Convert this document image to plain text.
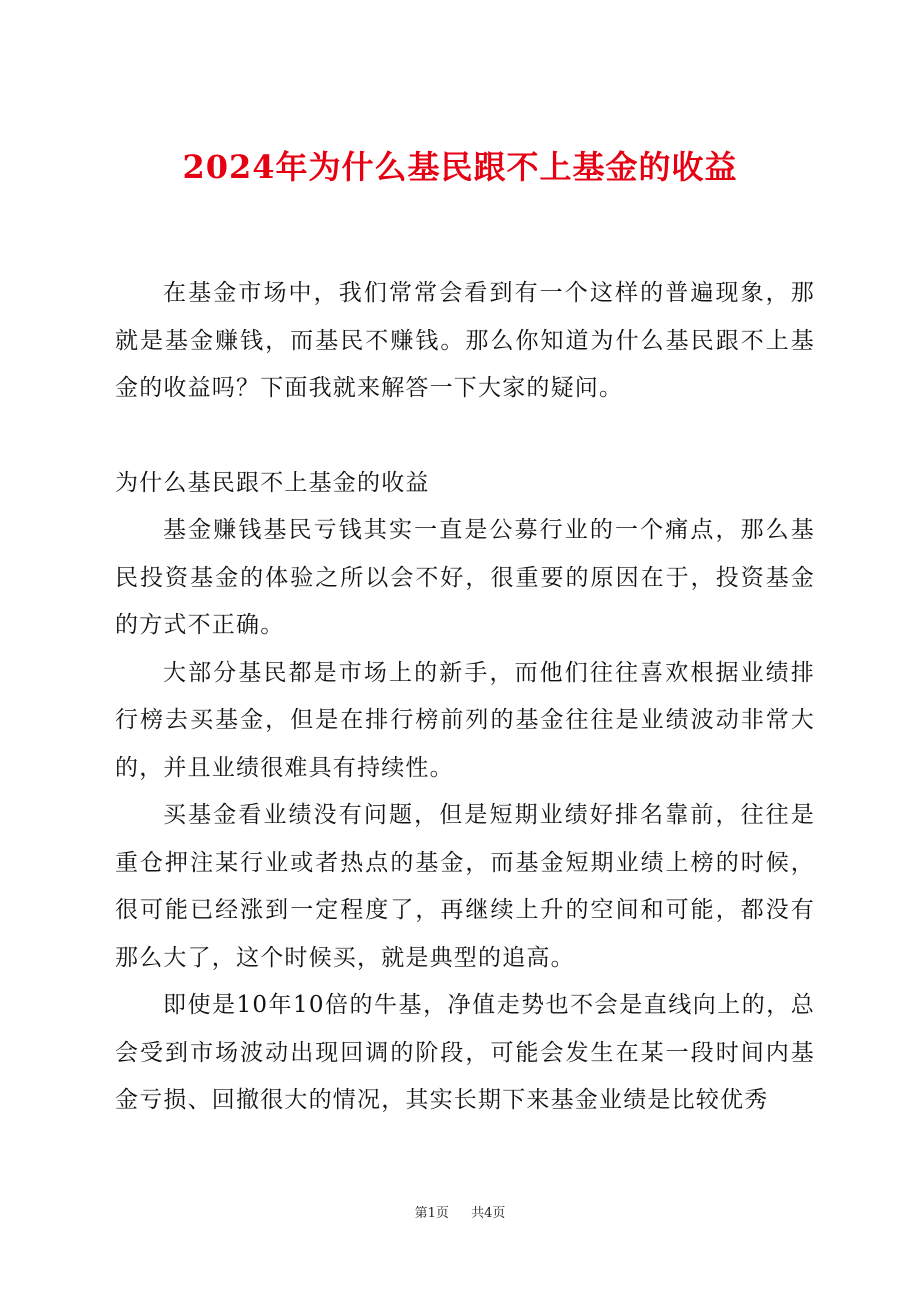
2024年为什么基民跟不上基金的收益

在基金市场中，我们常常会看到有一个这样的普遍现象，那就是基金赚钱，而基民不赚钱。那么你知道为什么基民跟不上基金的收益吗？下面我就来解答一下大家的疑问。

为什么基民跟不上基金的收益

基金赚钱基民亏钱其实一直是公募行业的一个痛点，那么基民投资基金的体验之所以会不好，很重要的原因在于，投资基金的方式不正确。

大部分基民都是市场上的新手，而他们往往喜欢根据业绩排行榜去买基金，但是在排行榜前列的基金往往是业绩波动非常大的，并且业绩很难具有持续性。

买基金看业绩没有问题，但是短期业绩好排名靠前，往往是重仓押注某行业或者热点的基金，而基金短期业绩上榜的时候，很可能已经涨到一定程度了，再继续上升的空间和可能，都没有那么大了，这个时候买，就是典型的追高。

即使是10年10倍的牛基，净值走势也不会是直线向上的，总会受到市场波动出现回调的阶段，可能会发生在某一段时间内基金亏损、回撤很大的情况，其实长期下来基金业绩是比较优秀

第1页 共4页
